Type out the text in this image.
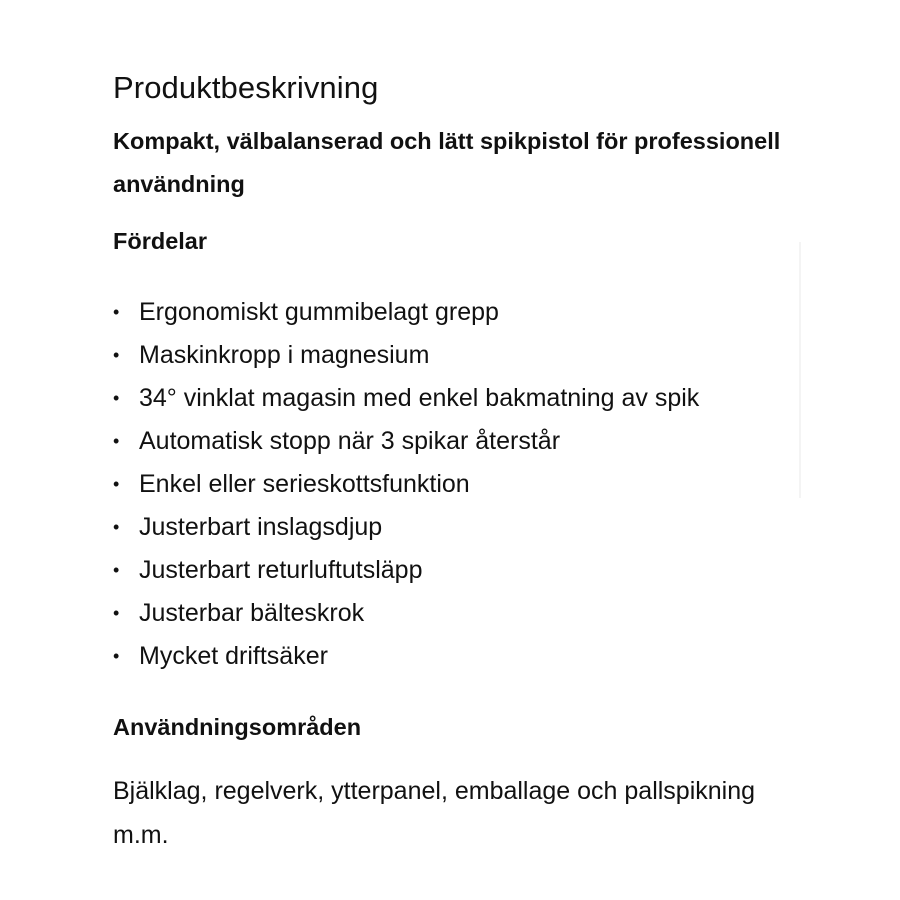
Produktbeskrivning

Kompakt, välbalanserad och lätt spikpistol för professionell användning

Fördelar
• Ergonomiskt gummibelagt grepp
• Maskinkropp i magnesium
• 34° vinklat magasin med enkel bakmatning av spik
• Automatisk stopp när 3 spikar återstår
• Enkel eller serieskottsfunktion
• Justerbart inslagsdjup
• Justerbart returluftutsläpp
• Justerbar bälteskrok
• Mycket driftsäker
Användningsområden

Bjälklag, regelverk, ytterpanel, emballage och pallspikning m.m.
